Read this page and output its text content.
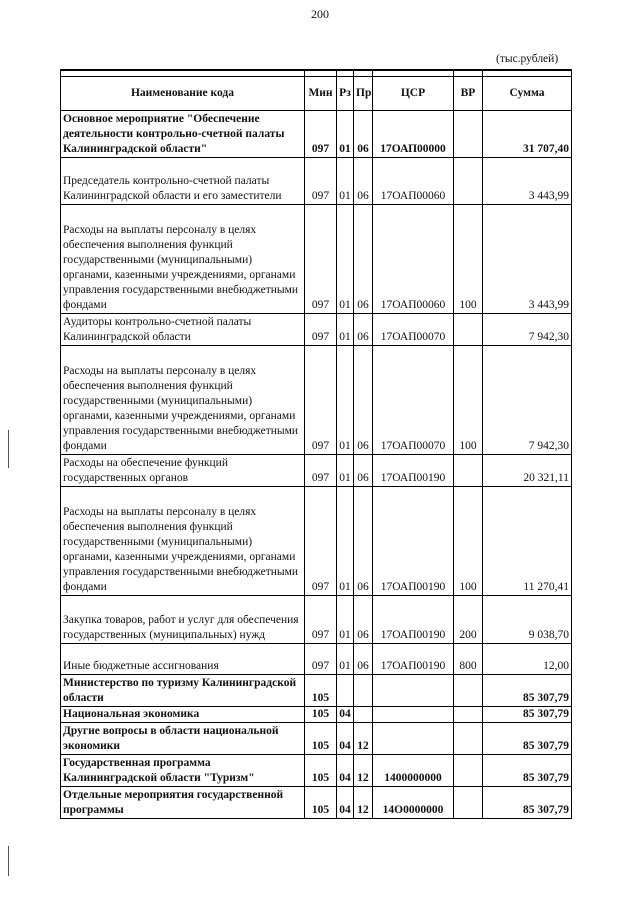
200
(тыс.рублей)

Наименование кода	Мин	Рз	Пр	ЦСР	ВР	Сумма
Основное мероприятие "Обеспечение деятельности контрольно-счетной палаты Калининградской области"	097	01	06	17ОАП00000		31 707,40
Председатель контрольно-счетной палаты Калининградской области и его заместители	097	01	06	17ОАП00060		3 443,99
Расходы на выплаты персоналу в целях обеспечения выполнения функций государственными (муниципальными) органами, казенными учреждениями, органами управления государственными внебюджетными фондами	097	01	06	17ОАП00060	100	3 443,99
Аудиторы контрольно-счетной палаты Калининградской области	097	01	06	17ОАП00070		7 942,30
Расходы на выплаты персоналу в целях обеспечения выполнения функций государственными (муниципальными) органами, казенными учреждениями, органами управления государственными внебюджетными фондами	097	01	06	17ОАП00070	100	7 942,30
Расходы на обеспечение функций государственных органов	097	01	06	17ОАП00190		20 321,11
Расходы на выплаты персоналу в целях обеспечения выполнения функций государственными (муниципальными) органами, казенными учреждениями, органами управления государственными внебюджетными фондами	097	01	06	17ОАП00190	100	11 270,41
Закупка товаров, работ и услуг для обеспечения государственных (муниципальных) нужд	097	01	06	17ОАП00190	200	9 038,70
Иные бюджетные ассигнования	097	01	06	17ОАП00190	800	12,00
Министерство по туризму Калининградской области	105					85 307,79
Национальная экономика	105	04				85 307,79
Другие вопросы в области национальной экономики	105	04	12			85 307,79
Государственная программа Калининградской области "Туризм"	105	04	12	1400000000		85 307,79
Отдельные мероприятия государственной программы	105	04	12	14О0000000		85 307,79
